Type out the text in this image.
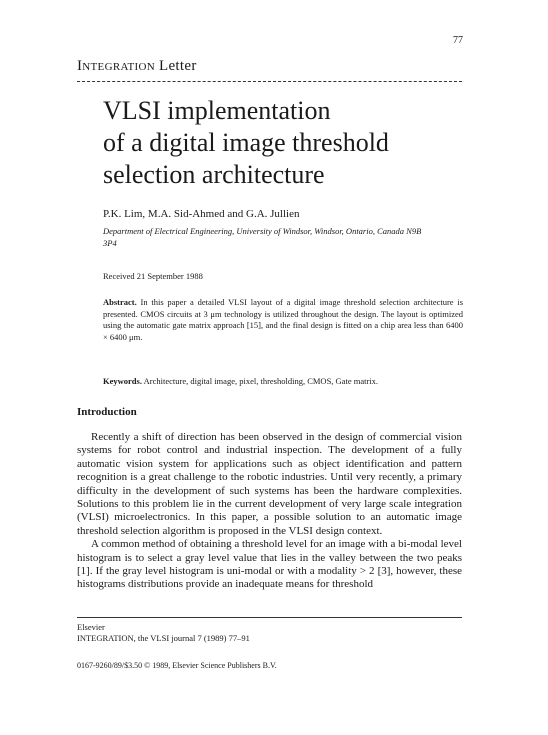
77
Integration Letter
VLSI implementation
of a digital image threshold
selection architecture
P.K. Lim, M.A. Sid-Ahmed and G.A. Jullien
Department of Electrical Engineering, University of Windsor, Windsor, Ontario, Canada N9B 3P4
Received 21 September 1988
Abstract. In this paper a detailed VLSI layout of a digital image threshold selection architecture is presented. CMOS circuits at 3 μm technology is utilized throughout the design. The layout is optimized using the automatic gate matrix approach [15], and the final design is fitted on a chip area less than 6400 × 6400 μm.
Keywords. Architecture, digital image, pixel, thresholding, CMOS, Gate matrix.
Introduction

Recently a shift of direction has been observed in the design of commercial vision systems for robot control and industrial inspection. The development of a fully automatic vision system for applications such as object identification and pattern recognition is a great challenge to the robotic industries. Until very recently, a primary difficulty in the development of such systems has been the hardware complexities. Solutions to this problem lie in the current development of very large scale integration (VLSI) microelectronics. In this paper, a possible solution to an automatic image threshold selection algorithm is proposed in the VLSI design context.

A common method of obtaining a threshold level for an image with a bi-modal level histogram is to select a gray level value that lies in the valley between the two peaks [1]. If the gray level histogram is uni-modal or with a modality > 2 [3], however, these histograms distributions provide an inadequate means for threshold

Elsevier
INTEGRATION, the VLSI journal 7 (1989) 77–91
0167-9260/89/$3.50 © 1989, Elsevier Science Publishers B.V.
